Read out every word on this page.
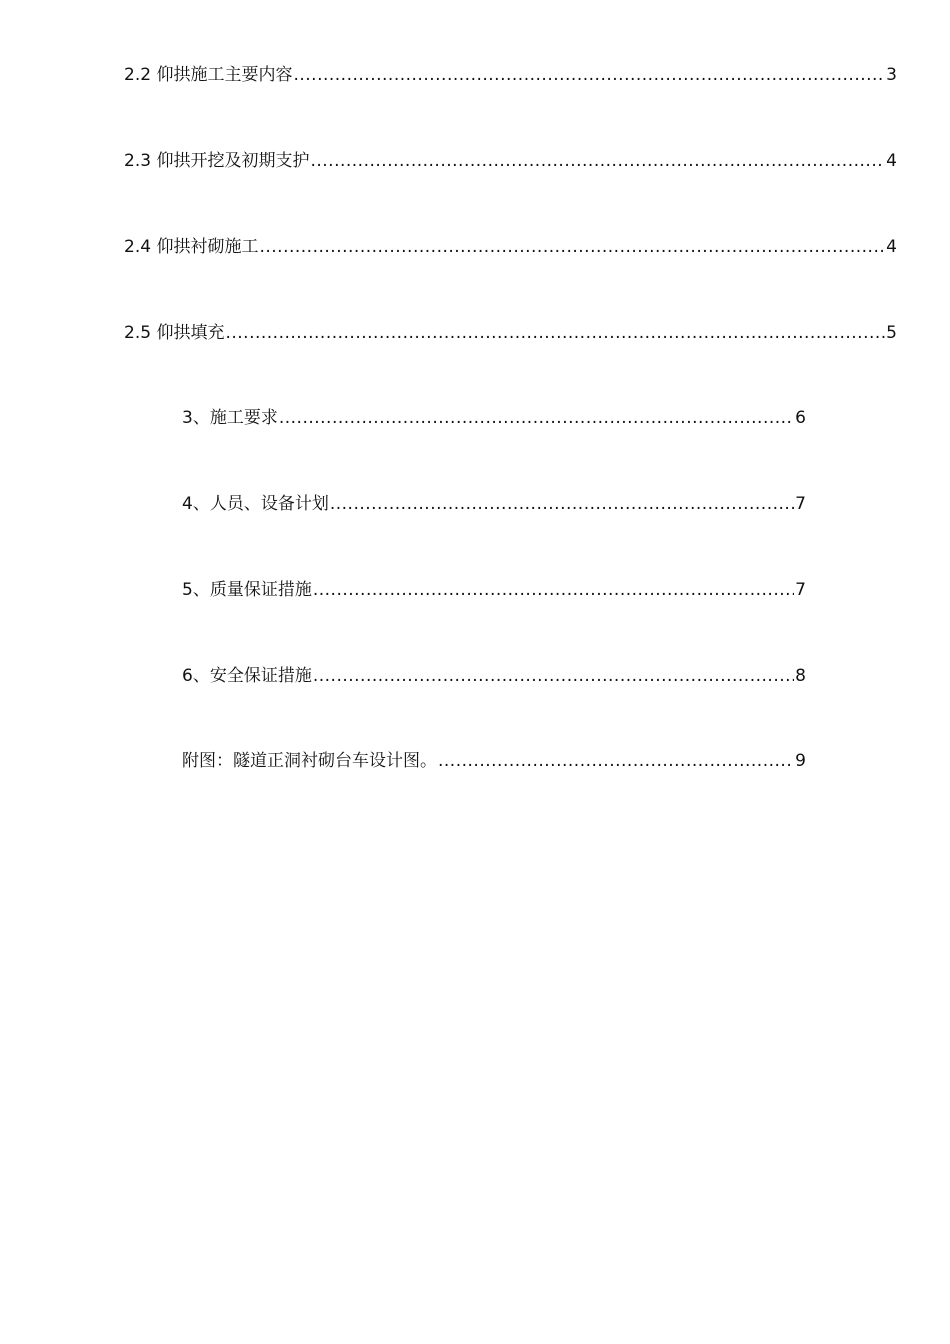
2.2 仰拱施工主要内容 .....	3
2.3 仰拱开挖及初期支护 .....	4
2.4 仰拱衬砌施工 .....	4
2.5 仰拱填充 .....	5
3、施工要求 .....	6
4、人员、设备计划 .....	7
5、质量保证措施 .....	7
6、安全保证措施 .....	8
附图：隧道正洞衬砌台车设计图。 .....	9
